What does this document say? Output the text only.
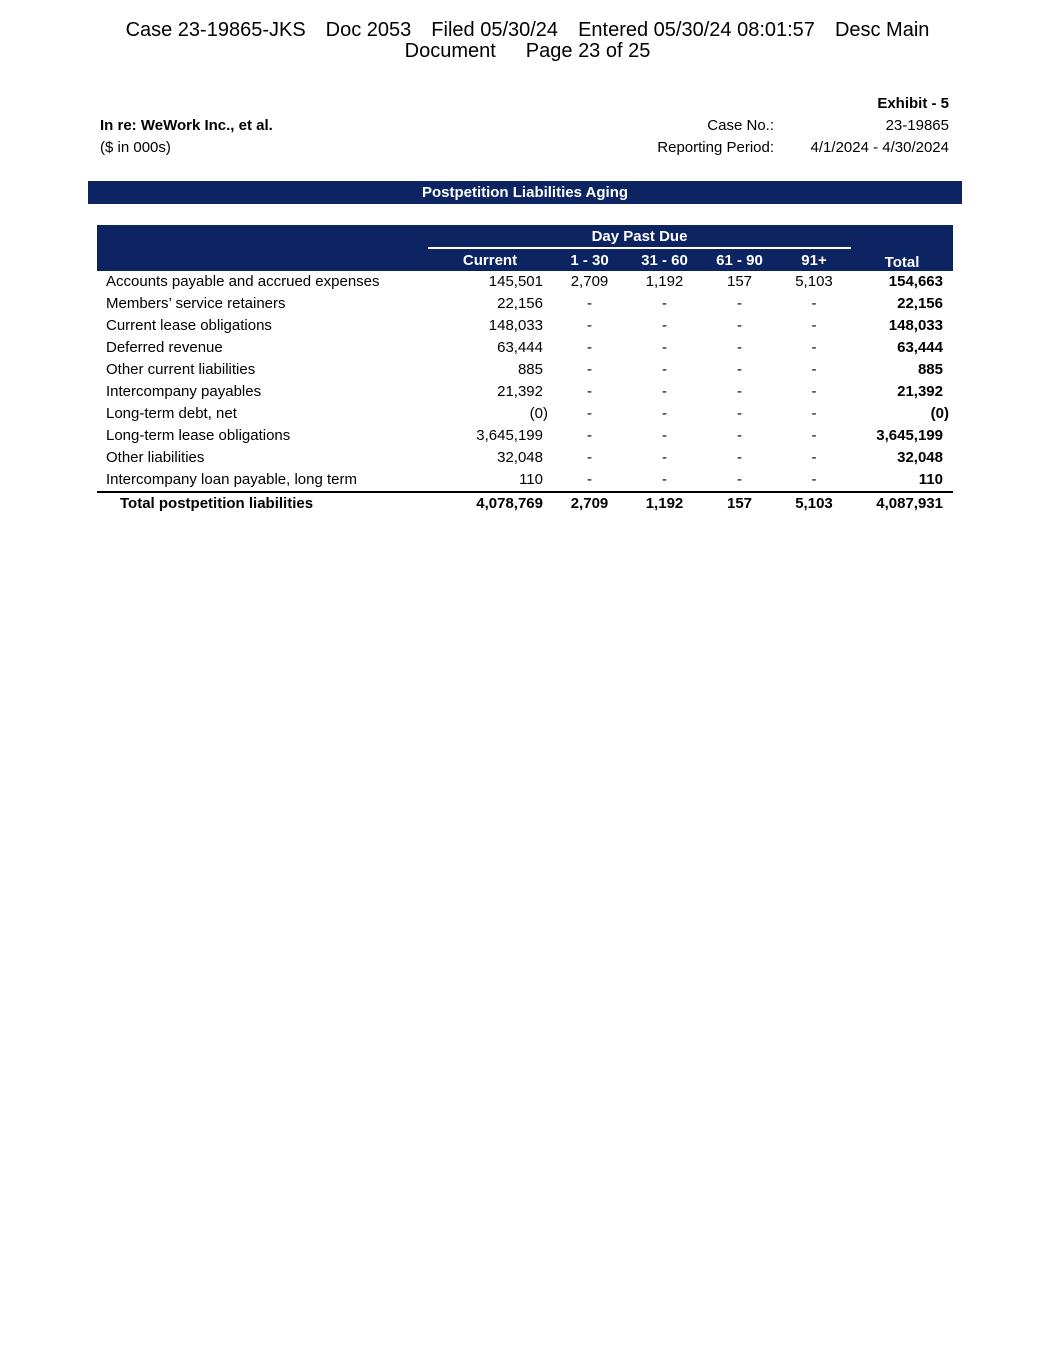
Case 23-19865-JKS Doc 2053 Filed 05/30/24 Entered 05/30/24 08:01:57 Desc Main
Document Page 23 of 25
Exhibit - 5
In re: WeWork Inc., et al.
($ in 000s)
Case No.:	23-19865
Reporting Period:	4/1/2024 - 4/30/2024
Postpetition Liabilities Aging
	Day Past Due					
	Current	1 - 30	31 - 60	61 - 90	91+	Total
Accounts payable and accrued expenses	145,501	2,709	1,192	157	5,103	154,663
Members’ service retainers	22,156	-	-	-	-	22,156
Current lease obligations	148,033	-	-	-	-	148,033
Deferred revenue	63,444	-	-	-	-	63,444
Other current liabilities	885	-	-	-	-	885
Intercompany payables	21,392	-	-	-	-	21,392
Long-term debt, net	(0)	-	-	-	-	(0)
Long-term lease obligations	3,645,199	-	-	-	-	3,645,199
Other liabilities	32,048	-	-	-	-	32,048
Intercompany loan payable, long term	110	-	-	-	-	110
Total postpetition liabilities	4,078,769	2,709	1,192	157	5,103	4,087,931
